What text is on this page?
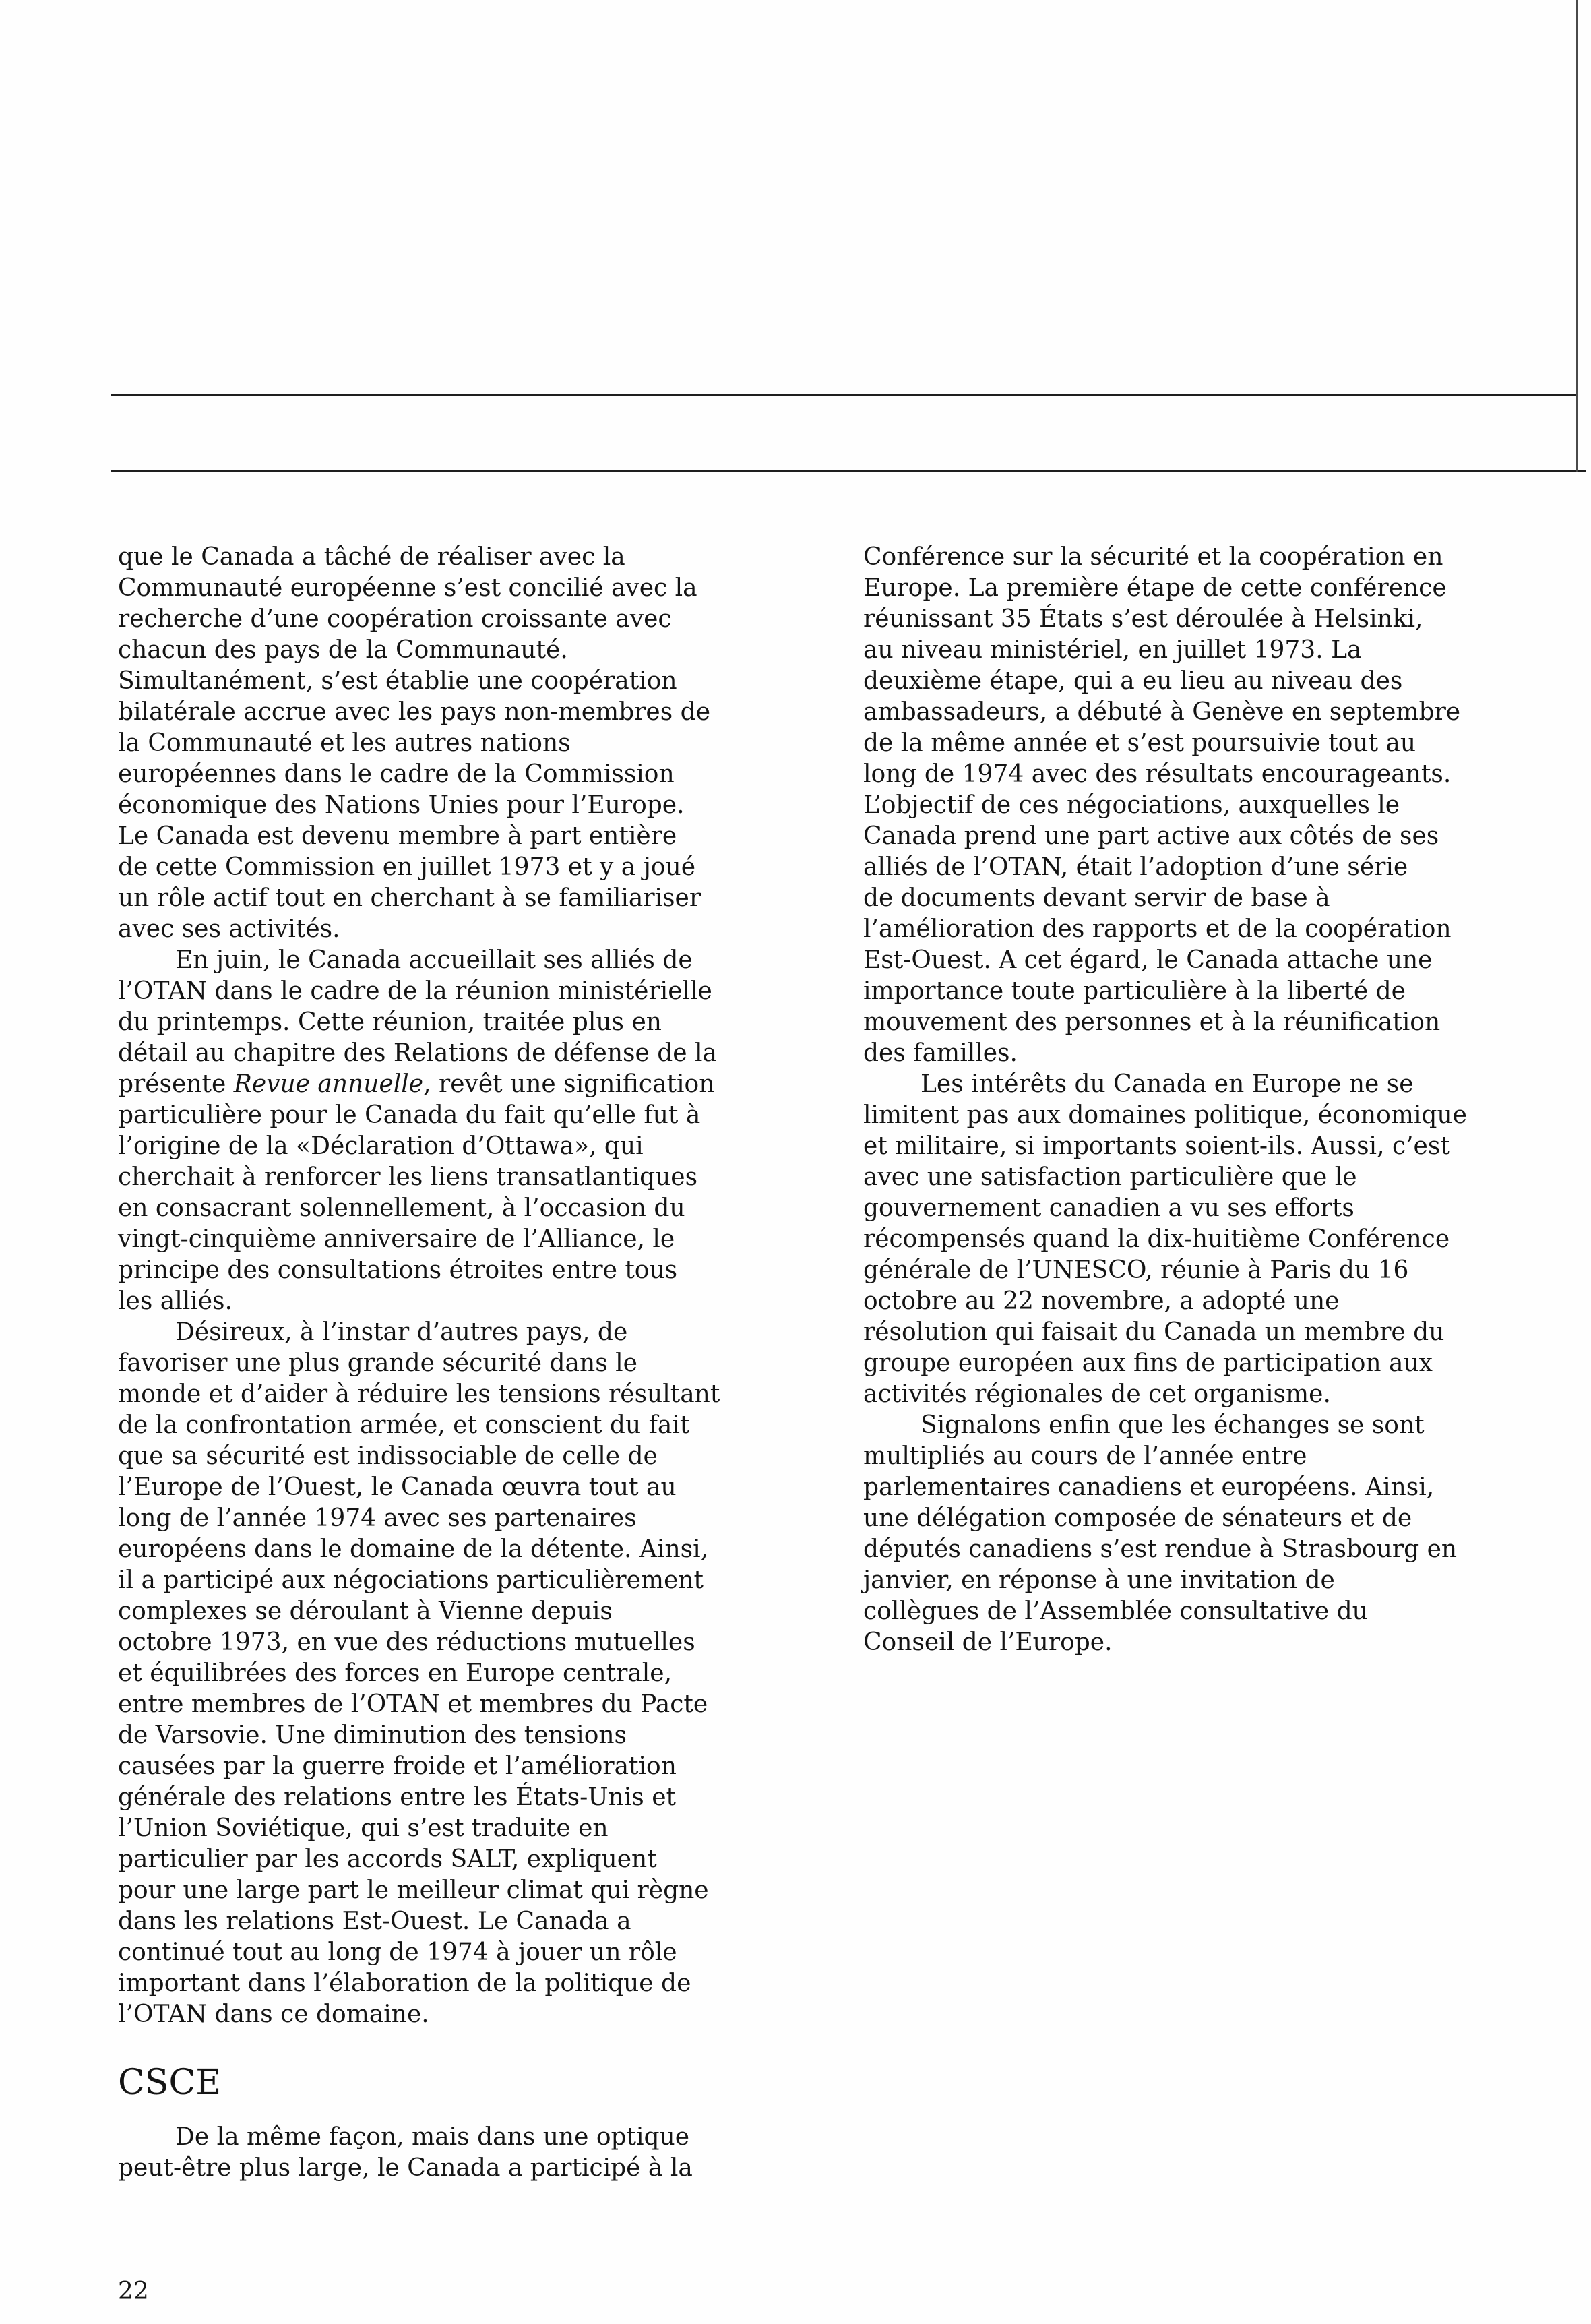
que le Canada a tâché de réaliser avec la
Communauté européenne s’est concilié avec la
recherche d’une coopération croissante avec
chacun des pays de la Communauté.
Simultanément, s’est établie une coopération
bilatérale accrue avec les pays non-membres de
la Communauté et les autres nations
européennes dans le cadre de la Commission
économique des Nations Unies pour l’Europe.
Le Canada est devenu membre à part entière
de cette Commission en juillet 1973 et y a joué
un rôle actif tout en cherchant à se familiariser
avec ses activités.
En juin, le Canada accueillait ses alliés de
l’OTAN dans le cadre de la réunion ministérielle
du printemps. Cette réunion, traitée plus en
détail au chapitre des Relations de défense de la
présente Revue annuelle, revêt une signification
particulière pour le Canada du fait qu’elle fut à
l’origine de la «Déclaration d’Ottawa», qui
cherchait à renforcer les liens transatlantiques
en consacrant solennellement, à l’occasion du
vingt-cinquième anniversaire de l’Alliance, le
principe des consultations étroites entre tous
les alliés.
Désireux, à l’instar d’autres pays, de
favoriser une plus grande sécurité dans le
monde et d’aider à réduire les tensions résultant
de la confrontation armée, et conscient du fait
que sa sécurité est indissociable de celle de
l’Europe de l’Ouest, le Canada œuvra tout au
long de l’année 1974 avec ses partenaires
européens dans le domaine de la détente. Ainsi,
il a participé aux négociations particulièrement
complexes se déroulant à Vienne depuis
octobre 1973, en vue des réductions mutuelles
et équilibrées des forces en Europe centrale,
entre membres de l’OTAN et membres du Pacte
de Varsovie. Une diminution des tensions
causées par la guerre froide et l’amélioration
générale des relations entre les États-Unis et
l’Union Soviétique, qui s’est traduite en
particulier par les accords SALT, expliquent
pour une large part le meilleur climat qui règne
dans les relations Est-Ouest. Le Canada a
continué tout au long de 1974 à jouer un rôle
important dans l’élaboration de la politique de
l’OTAN dans ce domaine.
CSCE
De la même façon, mais dans une optique
peut-être plus large, le Canada a participé à la
Conférence sur la sécurité et la coopération en
Europe. La première étape de cette conférence
réunissant 35 États s’est déroulée à Helsinki,
au niveau ministériel, en juillet 1973. La
deuxième étape, qui a eu lieu au niveau des
ambassadeurs, a débuté à Genève en septembre
de la même année et s’est poursuivie tout au
long de 1974 avec des résultats encourageants.
L’objectif de ces négociations, auxquelles le
Canada prend une part active aux côtés de ses
alliés de l’OTAN, était l’adoption d’une série
de documents devant servir de base à
l’amélioration des rapports et de la coopération
Est-Ouest. A cet égard, le Canada attache une
importance toute particulière à la liberté de
mouvement des personnes et à la réunification
des familles.
Les intérêts du Canada en Europe ne se
limitent pas aux domaines politique, économique
et militaire, si importants soient-ils. Aussi, c’est
avec une satisfaction particulière que le
gouvernement canadien a vu ses efforts
récompensés quand la dix-huitième Conférence
générale de l’UNESCO, réunie à Paris du 16
octobre au 22 novembre, a adopté une
résolution qui faisait du Canada un membre du
groupe européen aux fins de participation aux
activités régionales de cet organisme.
Signalons enfin que les échanges se sont
multipliés au cours de l’année entre
parlementaires canadiens et européens. Ainsi,
une délégation composée de sénateurs et de
députés canadiens s’est rendue à Strasbourg en
janvier, en réponse à une invitation de
collègues de l’Assemblée consultative du
Conseil de l’Europe.
22
